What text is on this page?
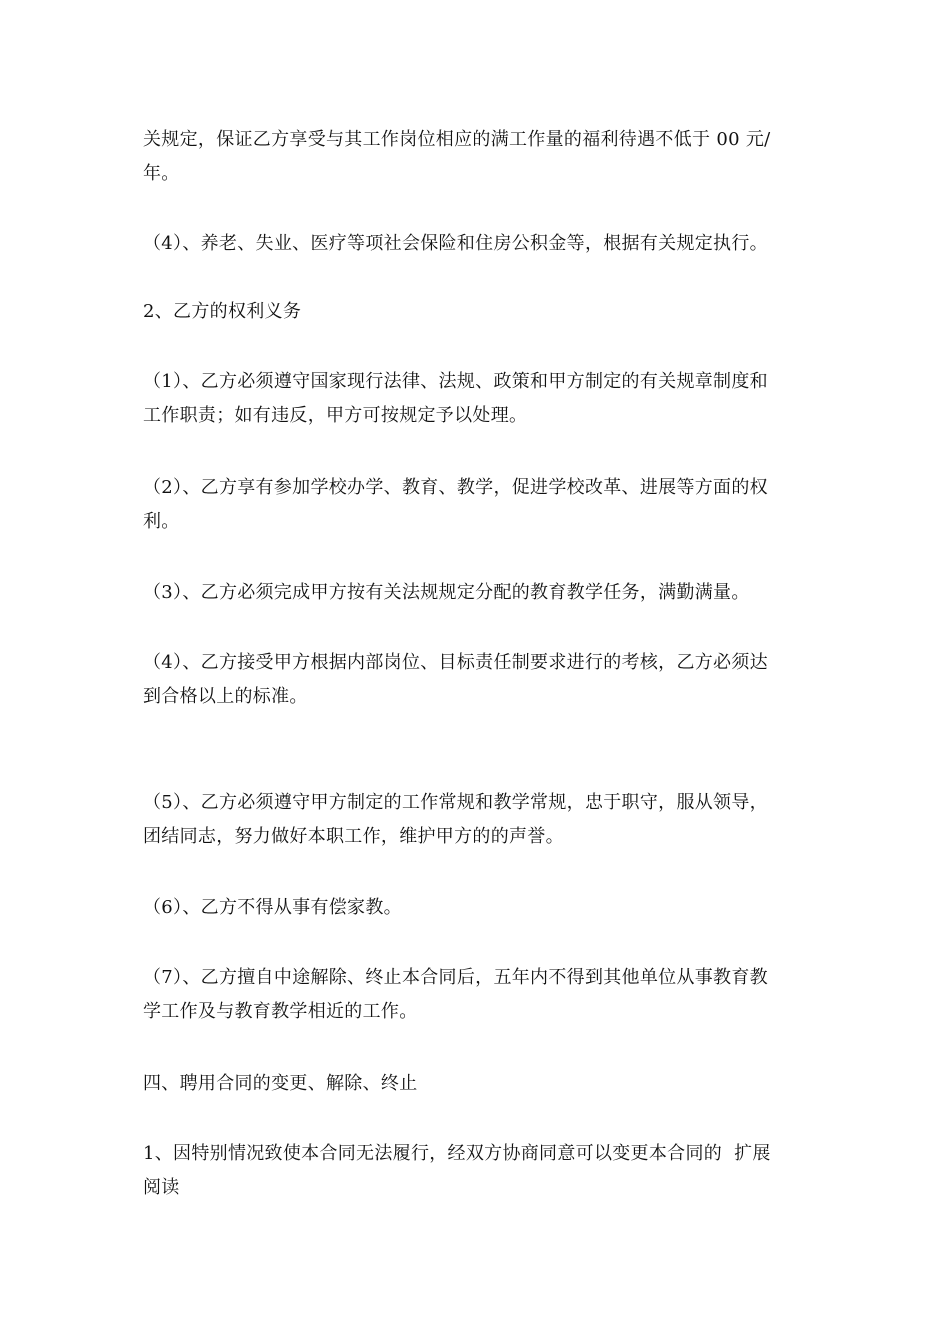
关规定，保证乙方享受与其工作岗位相应的满工作量的福利待遇不低于 00 元/
年。

（4）、养老、失业、医疗等项社会保险和住房公积金等，根据有关规定执行。

2、乙方的权利义务

（1）、乙方必须遵守国家现行法律、法规、政策和甲方制定的有关规章制度和
工作职责；如有违反，甲方可按规定予以处理。

（2）、乙方享有参加学校办学、教育、教学，促进学校改革、进展等方面的权
利。

（3）、乙方必须完成甲方按有关法规规定分配的教育教学任务，满勤满量。

（4）、乙方接受甲方根据内部岗位、目标责任制要求进行的考核，乙方必须达
到合格以上的标准。

（5）、乙方必须遵守甲方制定的工作常规和教学常规，忠于职守，服从领导，
团结同志，努力做好本职工作，维护甲方的的声誉。

（6）、乙方不得从事有偿家教。

（7）、乙方擅自中途解除、终止本合同后，五年内不得到其他单位从事教育教
学工作及与教育教学相近的工作。

四、聘用合同的变更、解除、终止

1、因特别情况致使本合同无法履行，经双方协商同意可以变更本合同的 扩展
阅读
